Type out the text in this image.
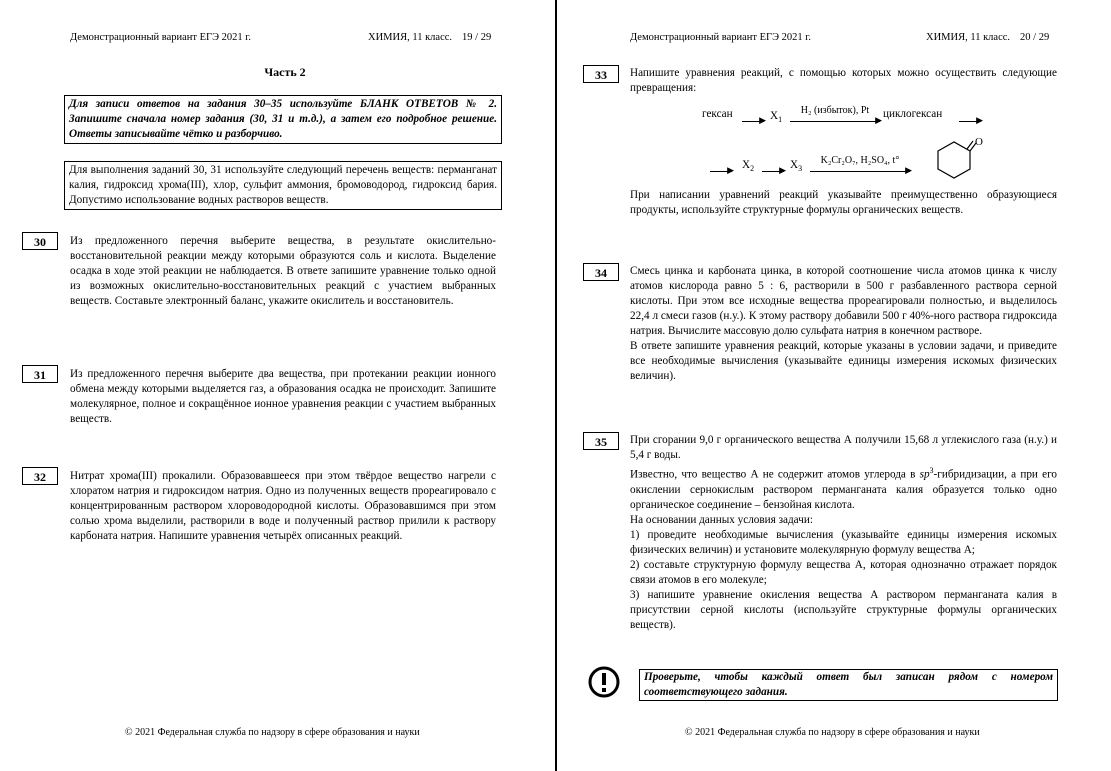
Демонстрационный вариант ЕГЭ 2021 г.	ХИМИЯ, 11 класс. 19 / 29
Часть 2
Для записи ответов на задания 30–35 используйте БЛАНК ОТВЕТОВ № 2. Запишите сначала номер задания (30, 31 и т.д.), а затем его подробное решение. Ответы записывайте чётко и разборчиво.
Для выполнения заданий 30, 31 используйте следующий перечень веществ: перманганат калия, гидроксид хрома(III), хлор, сульфит аммония, бромоводород, гидроксид бария. Допустимо использование водных растворов веществ.
30	Из предложенного перечня выберите вещества, в результате окислительно-восстановительной реакции между которыми образуются соль и кислота. Выделение осадка в ходе этой реакции не наблюдается. В ответе запишите уравнение только одной из возможных окислительно-восстановительных реакций с участием выбранных веществ. Составьте электронный баланс, укажите окислитель и восстановитель.
31	Из предложенного перечня выберите два вещества, при протекании реакции ионного обмена между которыми выделяется газ, а образования осадка не происходит. Запишите молекулярное, полное и сокращённое ионное уравнения реакции с участием выбранных веществ.
32	Нитрат хрома(III) прокалили. Образовавшееся при этом твёрдое вещество нагрели с хлоратом натрия и гидроксидом натрия. Одно из полученных веществ прореагировало с концентрированным раствором хлороводородной кислоты. Образовавшимся при этом солью хрома выделили, растворили в воде и полученный раствор прилили к раствору карбоната натрия. Напишите уравнения четырёх описанных реакций.
© 2021 Федеральная служба по надзору в сфере образования и науки
Демонстрационный вариант ЕГЭ 2021 г.	ХИМИЯ, 11 класс. 20 / 29
33	Напишите уравнения реакций, с помощью которых можно осуществить следующие превращения:
гексан	▶ $X_1$
H₂ (избыток), Pt
▶ циклогексан	▶
▶ $X_2$	▶ $X_3$
K₂Cr₂O₇, H₂SO₄, t°
▶
O
При написании уравнений реакций указывайте преимущественно образующиеся продукты, используйте структурные формулы органических веществ.
34	Смесь цинка и карбоната цинка, в которой соотношение числа атомов цинка к числу атомов кислорода равно 5 : 6, растворили в 500 г разбавленного раствора серной кислоты. При этом все исходные вещества прореагировали полностью, и выделилось 22,4 л смеси газов (н.у.). К этому раствору добавили 500 г 40%-ного раствора гидроксида натрия. Вычислите массовую долю сульфата натрия в конечном растворе.

В ответе запишите уравнения реакций, которые указаны в условии задачи, и приведите все необходимые вычисления (указывайте единицы измерения искомых физических величин).

35	При сгорании 9,0 г органического вещества А получили 15,68 л углекислого газа (н.у.) и 5,4 г воды.

Известно, что вещество А не содержит атомов углерода в $sp^3$-гибридизации, а при его окислении сернокислым раствором перманганата калия образуется только одно органическое соединение – бензойная кислота.

На основании данных условия задачи:

1) проведите необходимые вычисления (указывайте единицы измерения искомых физических величин) и установите молекулярную формулу вещества А;

2) составьте структурную формулу вещества А, которая однозначно отражает порядок связи атомов в его молекуле;

3) напишите уравнение окисления вещества А раствором перманганата калия в присутствии серной кислоты (используйте структурные формулы органических веществ).

Проверьте, чтобы каждый ответ был записан рядом с номером соответствующего задания.
© 2021 Федеральная служба по надзору в сфере образования и науки
